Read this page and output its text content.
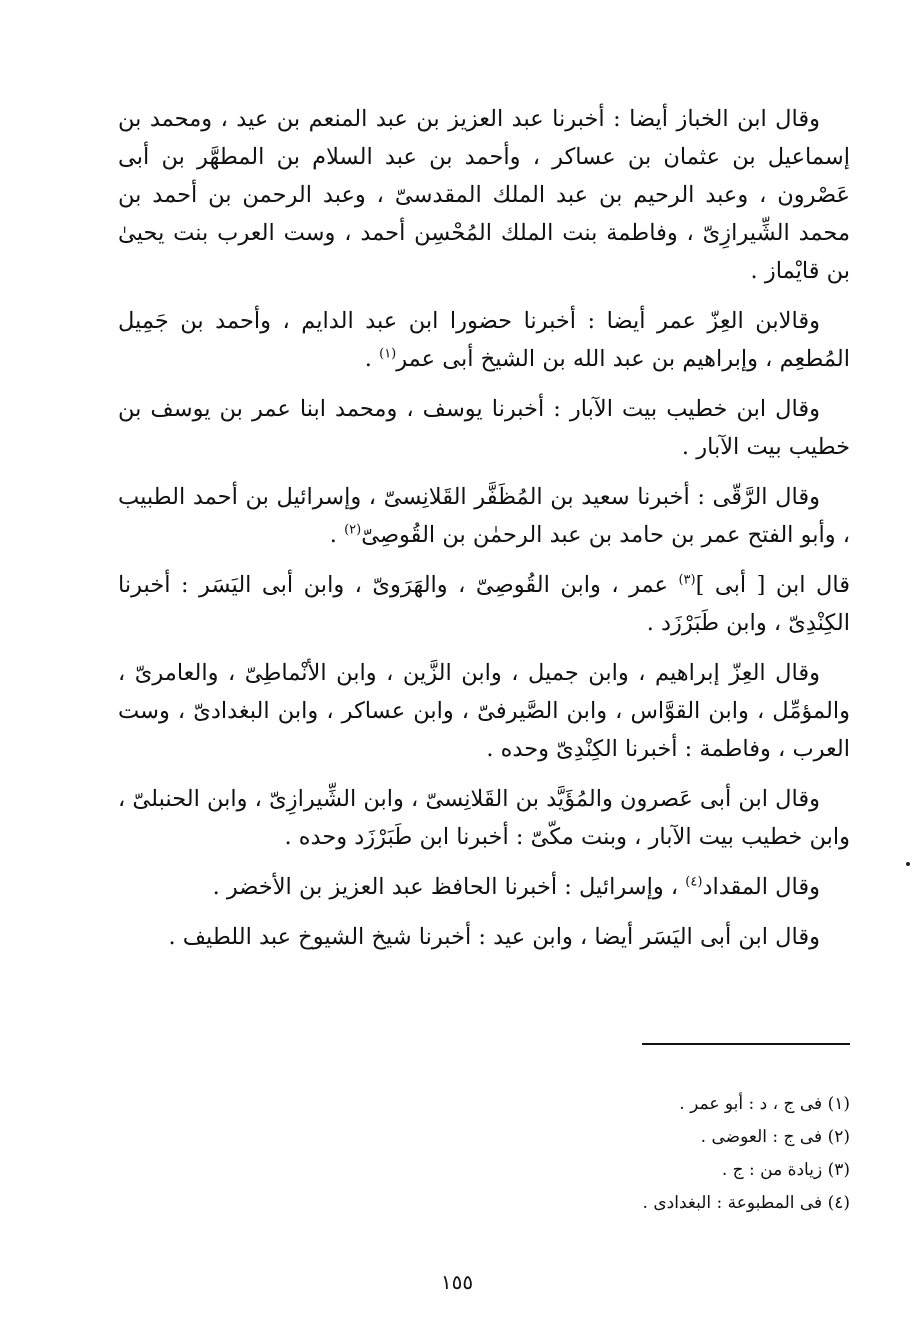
وقال ابن الخباز أيضا : أخبرنا عبد العزيز بن عبد المنعم بن عيد ، ومحمد بن إسماعيل بن عثمان بن عساكر ، وأحمد بن عبد السلام بن المطهَّر بن أبى عَصْرون ، وعبد الرحيم بن عبد الملك المقدسىّ ، وعبد الرحمن بن أحمد بن محمد الشِّيرازِىّ ، وفاطمة بنت الملك المُحْسِن أحمد ، وست العرب بنت يحيىٰ بن قايْماز .

وقالابن العِزّ عمر أيضا : أخبرنا حضورا ابن عبد الدايم ، وأحمد بن جَمِيل المُطعِم ، وإبراهيم بن عبد الله بن الشيخ أبى عمر$^{(١)}$ .

وقال ابن خطيب بيت الآبار : أخبرنا يوسف ، ومحمد ابنا عمر بن يوسف بن خطيب بيت الآبار .

وقال الرَّقّى : أخبرنا سعيد بن المُظَفَّر القَلانِسىّ ، وإسرائيل بن أحمد الطبيب ، وأبو الفتح عمر بن حامد بن عبد الرحمٰن بن القُوصِىّ$^{(٢)}$ .

قال ابن [ أبى ]$^{(٣)}$ عمر ، وابن القُوصِىّ ، والهَرَوىّ ، وابن أبى اليَسَر : أخبرنا الكِنْدِىّ ، وابن طَبَرْزَد .

وقال العِزّ إبراهيم ، وابن جميل ، وابن الزَّين ، وابن الأنْماطِىّ ، والعامرىّ ، والمؤمِّل ، وابن القوَّاس ، وابن الصَّيرفىّ ، وابن عساكر ، وابن البغدادىّ ، وست العرب ، وفاطمة : أخبرنا الكِنْدِىّ وحده .

وقال ابن أبى عَصرون والمُؤَيَّد بن القَلانِسىّ ، وابن الشِّيرازِىّ ، وابن الحنبلىّ ، وابن خطيب بيت الآبار ، وبنت مكّىّ : أخبرنا ابن طَبَرْزَد وحده .

وقال المقداد$^{(٤)}$ ، وإسرائيل : أخبرنا الحافظ عبد العزيز بن الأخضر .

وقال ابن أبى اليَسَر أيضا ، وابن عيد : أخبرنا شيخ الشيوخ عبد اللطيف .

(١) فى ج ، د : أبو عمر .

(٢) فى ج : العوضى .

(٣) زيادة من : ج .

(٤) فى المطبوعة : البغدادى .

١٥٥
